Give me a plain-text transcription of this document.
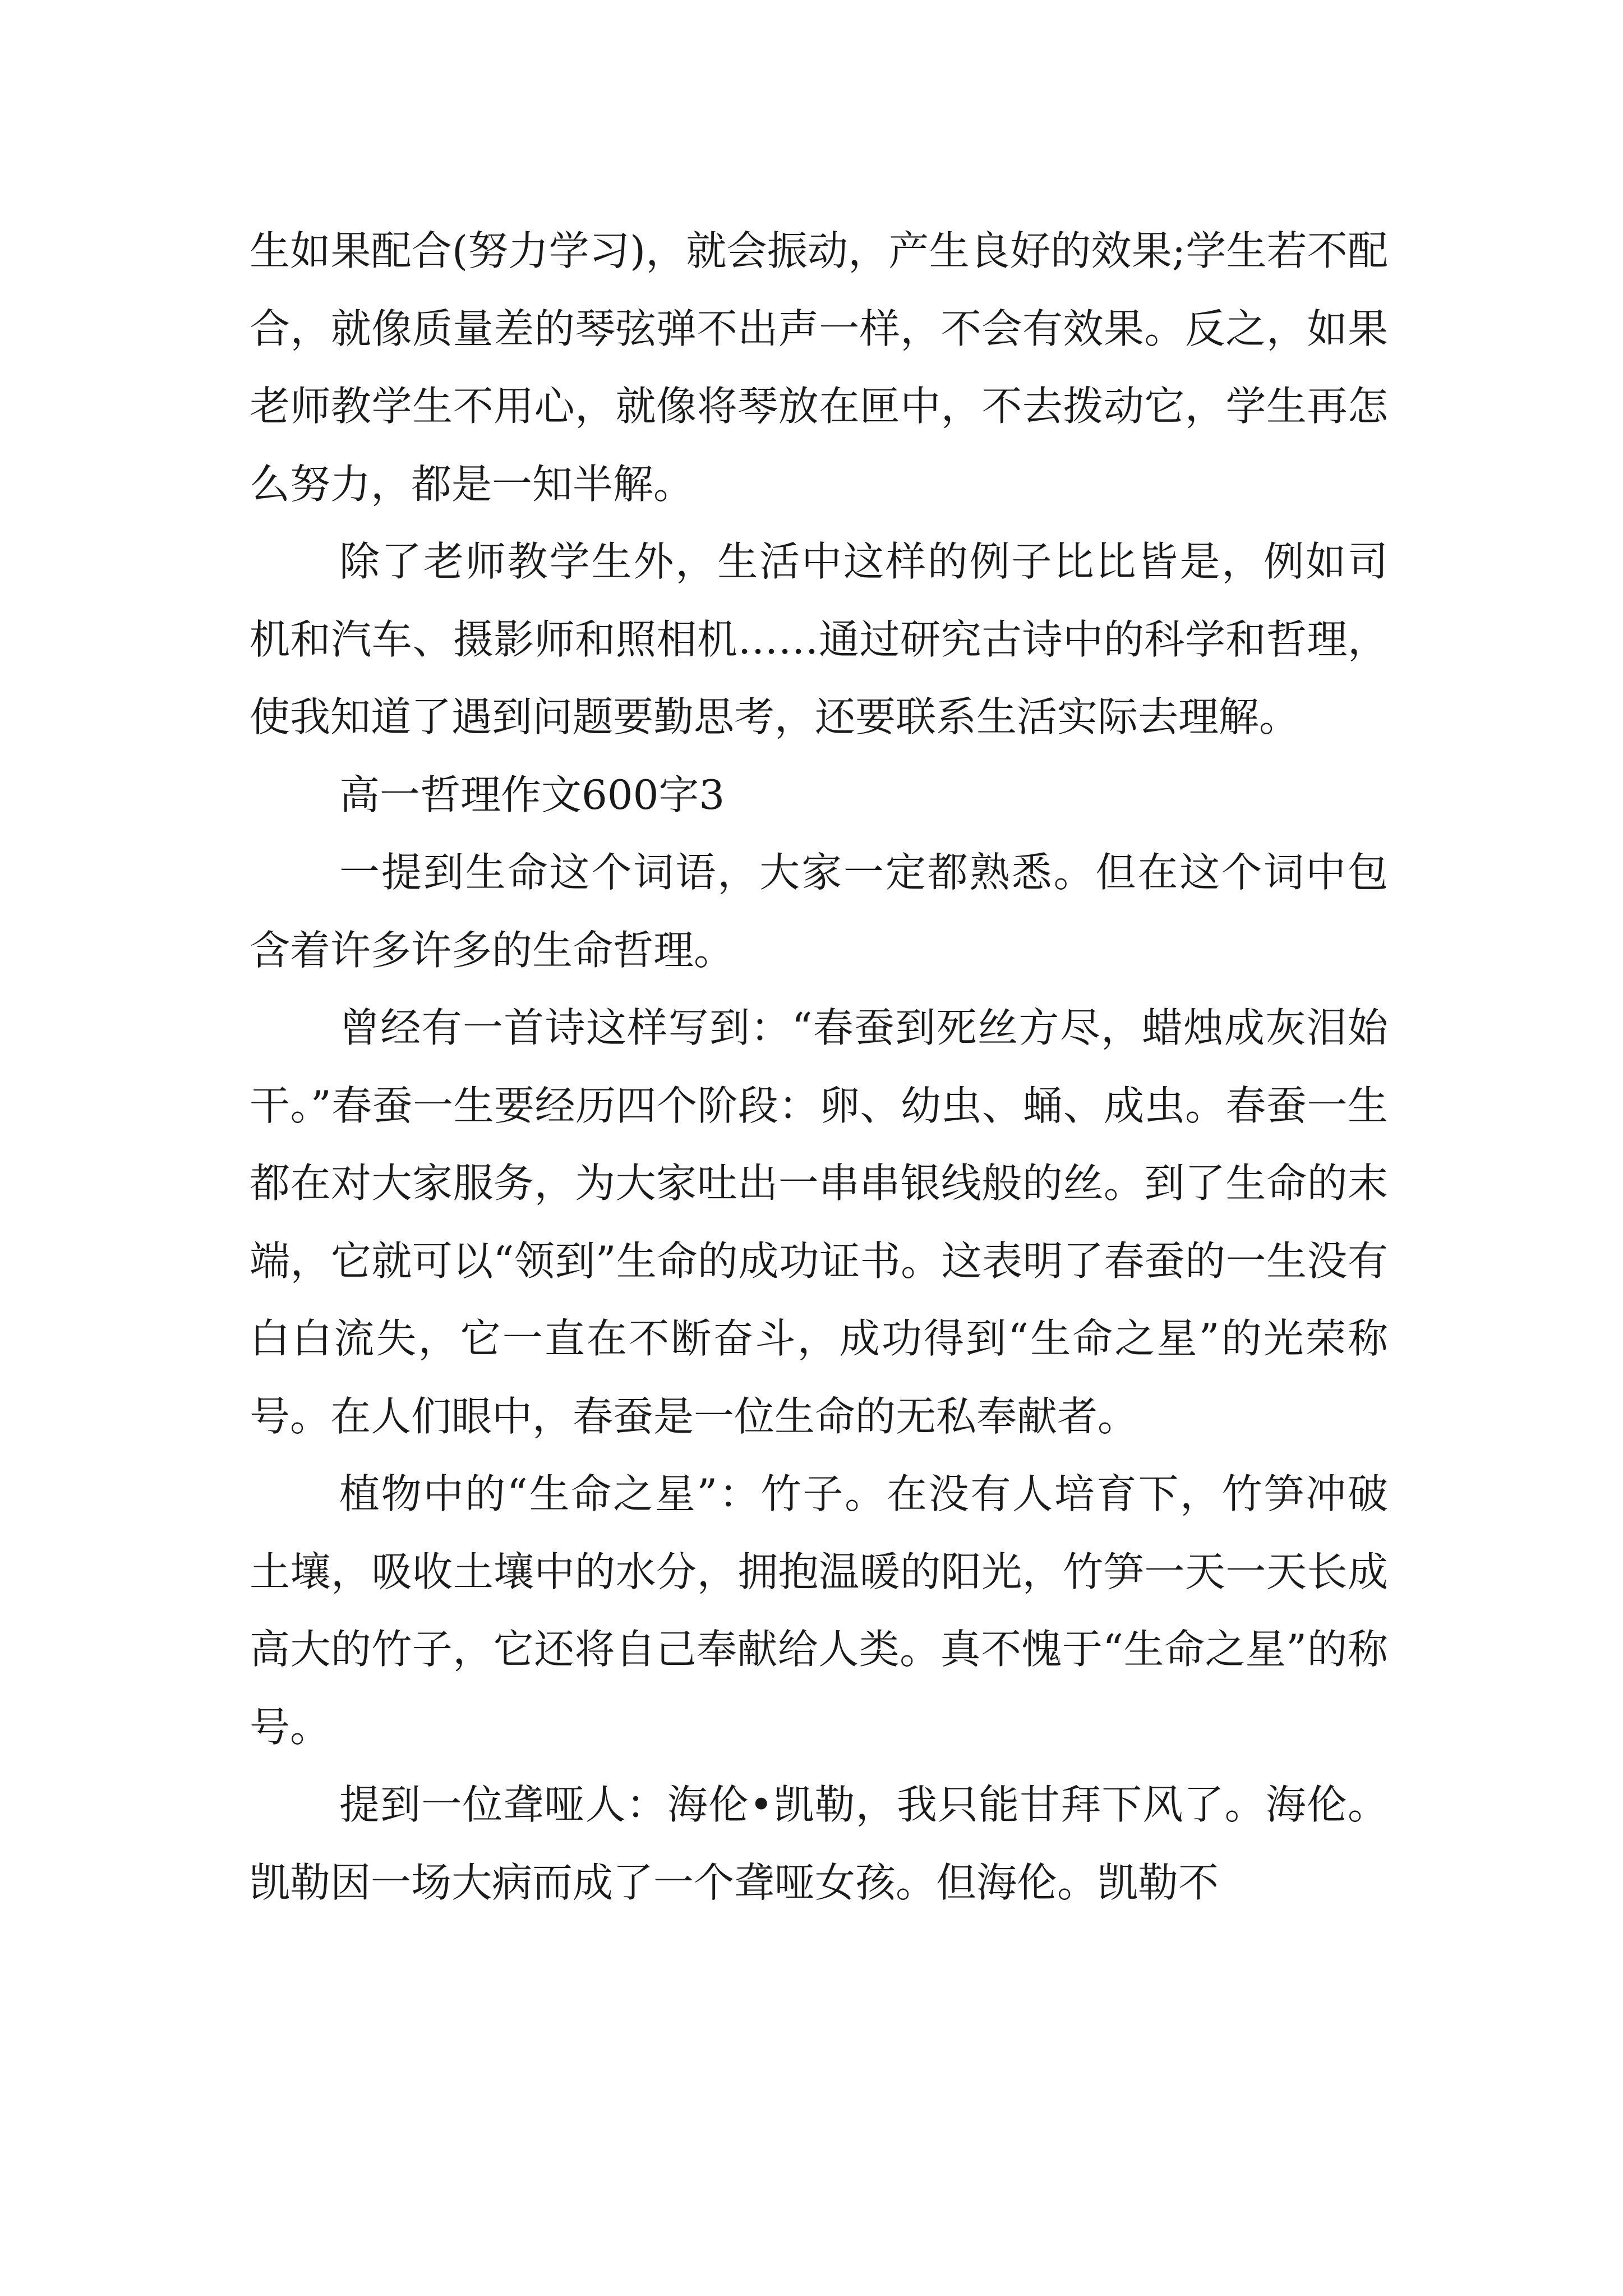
生如果配合(努力学习)，就会振动，产生良好的效果;学生若不配合，就像质量差的琴弦弹不出声一样，不会有效果。反之，如果老师教学生不用心，就像将琴放在匣中，不去拨动它，学生再怎么努力，都是一知半解。

除了老师教学生外，生活中这样的例子比比皆是，例如司机和汽车、摄影师和照相机……通过研究古诗中的科学和哲理，使我知道了遇到问题要勤思考，还要联系生活实际去理解。

高一哲理作文600字3

一提到生命这个词语，大家一定都熟悉。但在这个词中包含着许多许多的生命哲理。

曾经有一首诗这样写到：“春蚕到死丝方尽，蜡烛成灰泪始干。”春蚕一生要经历四个阶段：卵、幼虫、蛹、成虫。春蚕一生都在对大家服务，为大家吐出一串串银线般的丝。到了生命的末端，它就可以“领到”生命的成功证书。这表明了春蚕的一生没有白白流失，它一直在不断奋斗，成功得到“生命之星”的光荣称号。在人们眼中，春蚕是一位生命的无私奉献者。

植物中的“生命之星”：竹子。在没有人培育下，竹笋冲破土壤，吸收土壤中的水分，拥抱温暖的阳光，竹笋一天一天长成高大的竹子，它还将自己奉献给人类。真不愧于“生命之星”的称号。

提到一位聋哑人：海伦•凯勒，我只能甘拜下风了。海伦。凯勒因一场大病而成了一个聋哑女孩。但海伦。凯勒不
